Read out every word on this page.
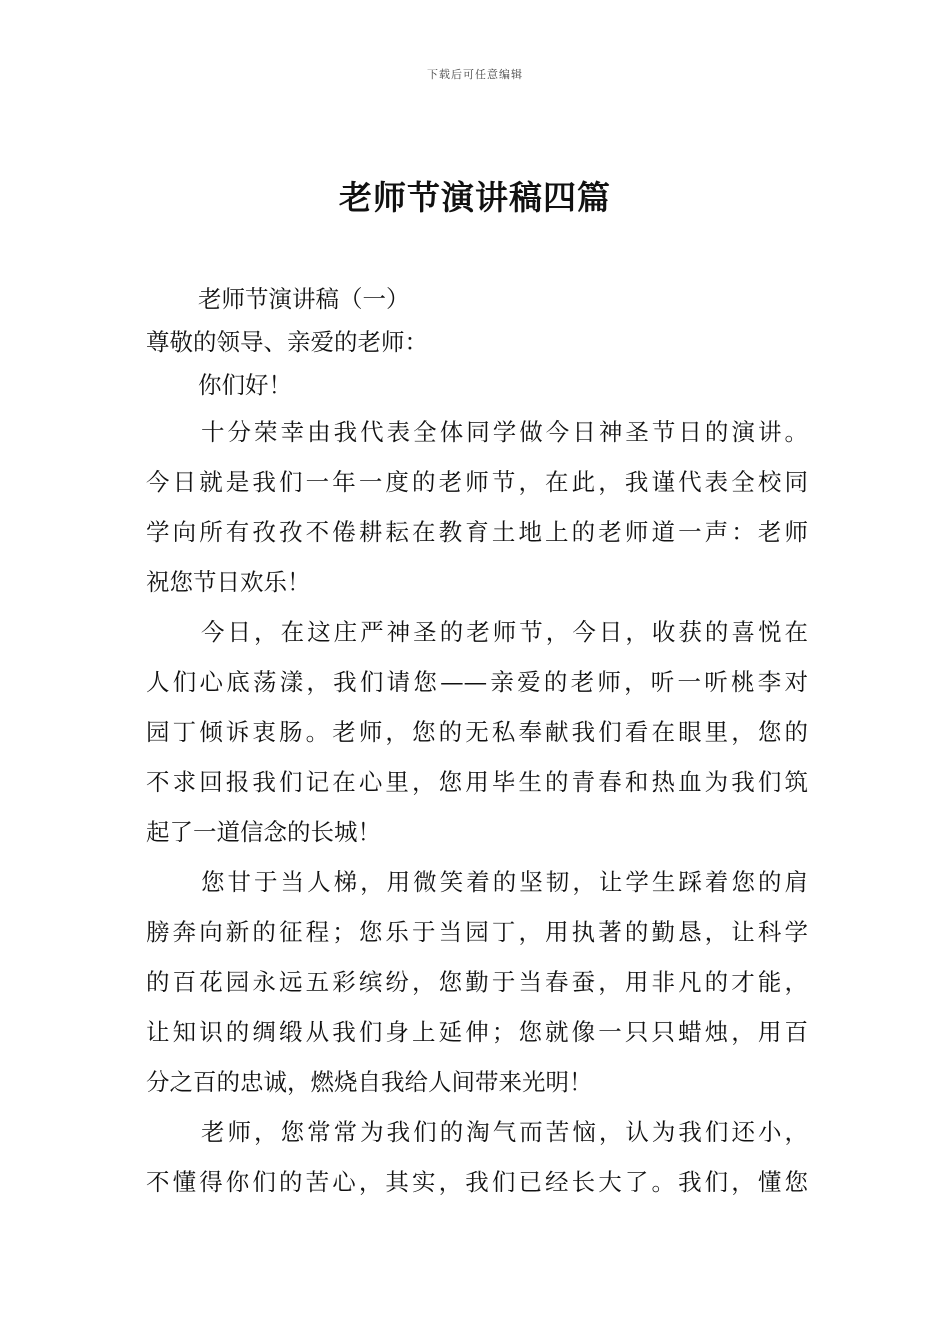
下载后可任意编辑
老师节演讲稿四篇
老师节演讲稿（一）
尊敬的领导、亲爱的老师：
你们好！
十分荣幸由我代表全体同学做今日神圣节日的演讲。
今日就是我们一年一度的老师节，在此，我谨代表全校同
学向所有孜孜不倦耕耘在教育土地上的老师道一声：老师
祝您节日欢乐！
今日，在这庄严神圣的老师节，今日，收获的喜悦在
人们心底荡漾，我们请您——亲爱的老师，听一听桃李对
园丁倾诉衷肠。老师，您的无私奉献我们看在眼里，您的
不求回报我们记在心里，您用毕生的青春和热血为我们筑
起了一道信念的长城！
您甘于当人梯，用微笑着的坚韧，让学生踩着您的肩
膀奔向新的征程；您乐于当园丁，用执著的勤恳，让科学
的百花园永远五彩缤纷，您勤于当春蚕，用非凡的才能，
让知识的绸缎从我们身上延伸；您就像一只只蜡烛，用百
分之百的忠诚，燃烧自我给人间带来光明！
老师，您常常为我们的淘气而苦恼，认为我们还小，
不懂得你们的苦心，其实，我们已经长大了。我们，懂您
